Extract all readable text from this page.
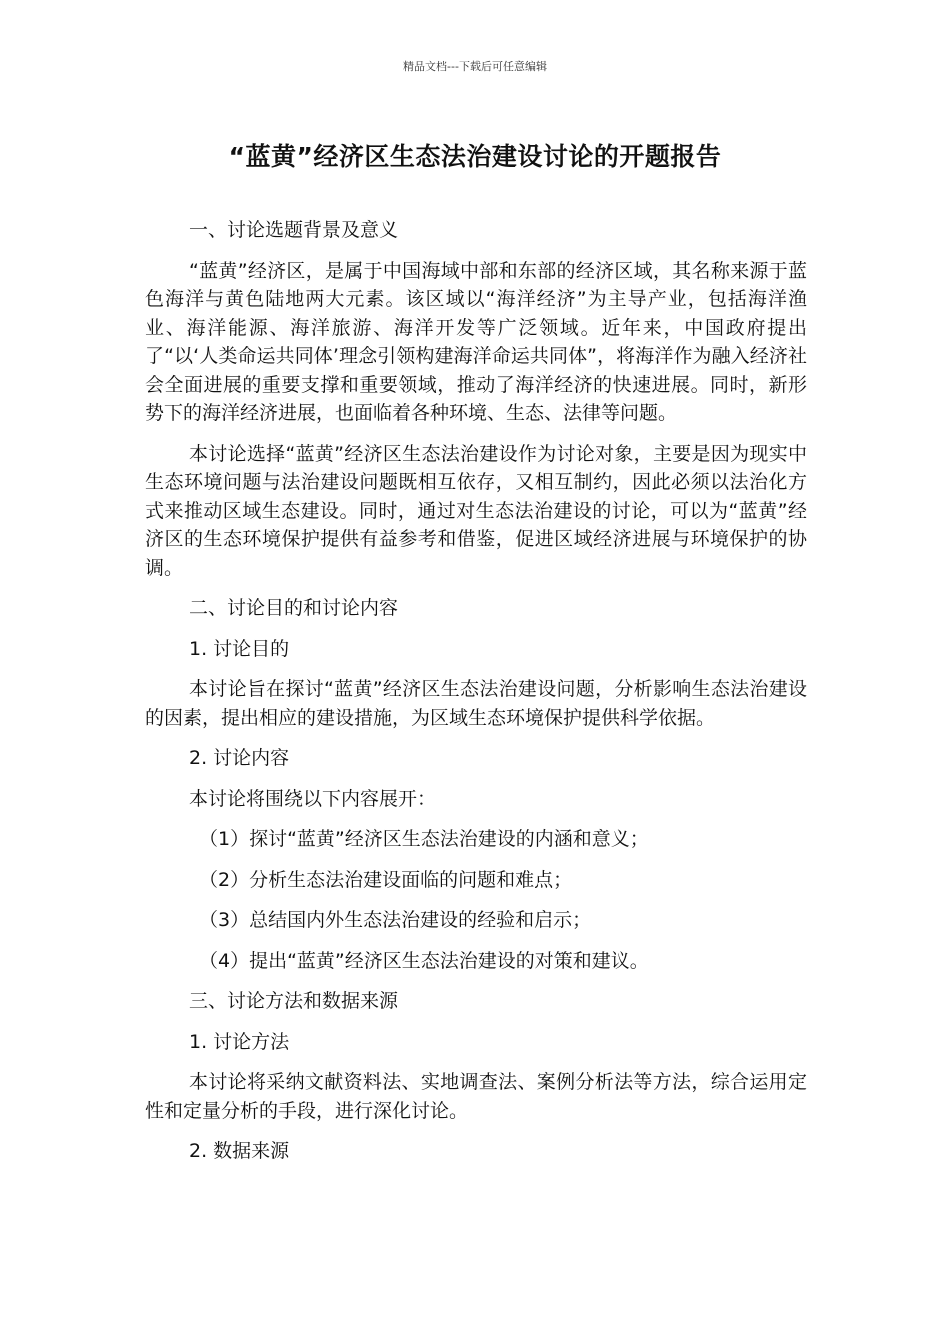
精品文档---下载后可任意编辑
“蓝黄”经济区生态法治建设讨论的开题报告

一、讨论选题背景及意义

“蓝黄”经济区，是属于中国海域中部和东部的经济区域，其名称来源于蓝色海洋与黄色陆地两大元素。该区域以“海洋经济”为主导产业，包括海洋渔业、海洋能源、海洋旅游、海洋开发等广泛领域。近年来，中国政府提出了“以‘人类命运共同体’理念引领构建海洋命运共同体”，将海洋作为融入经济社会全面进展的重要支撑和重要领域，推动了海洋经济的快速进展。同时，新形势下的海洋经济进展，也面临着各种环境、生态、法律等问题。

本讨论选择“蓝黄”经济区生态法治建设作为讨论对象，主要是因为现实中生态环境问题与法治建设问题既相互依存，又相互制约，因此必须以法治化方式来推动区域生态建设。同时，通过对生态法治建设的讨论，可以为“蓝黄”经济区的生态环境保护提供有益参考和借鉴，促进区域经济进展与环境保护的协调。

二、讨论目的和讨论内容

1. 讨论目的

本讨论旨在探讨“蓝黄”经济区生态法治建设问题，分析影响生态法治建设的因素，提出相应的建设措施，为区域生态环境保护提供科学依据。

2. 讨论内容

本讨论将围绕以下内容展开：

（1）探讨“蓝黄”经济区生态法治建设的内涵和意义；

（2）分析生态法治建设面临的问题和难点；

（3）总结国内外生态法治建设的经验和启示；

（4）提出“蓝黄”经济区生态法治建设的对策和建议。

三、讨论方法和数据来源

1. 讨论方法

本讨论将采纳文献资料法、实地调查法、案例分析法等方法，综合运用定性和定量分析的手段，进行深化讨论。

2. 数据来源
